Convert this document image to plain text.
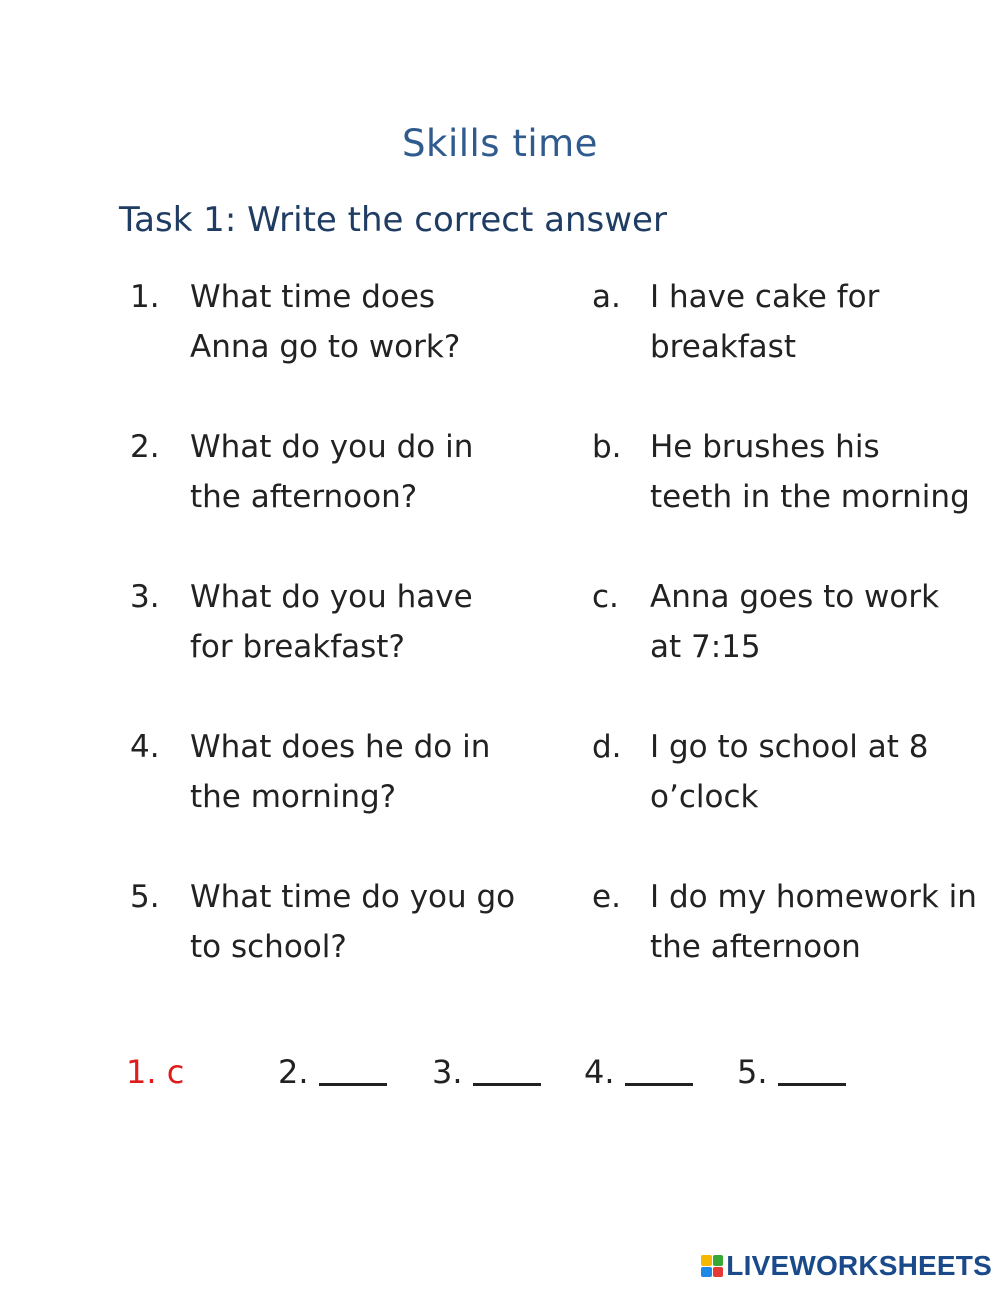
Skills time
Task 1: Write the correct answer
1. What time does
Anna go to work?
2. What do you do in
the afternoon?
3. What do you have
for breakfast?
4. What does he do in
the morning?
5. What time do you go
to school?
a. I have cake for
breakfast
b. He brushes his
teeth in the morning
c. Anna goes to work
at 7:15
d. I go to school at 8
o’clock
e. I do my homework in
the afternoon
1. c	2.	3.	4.	5.
LIVEWORKSHEETS
